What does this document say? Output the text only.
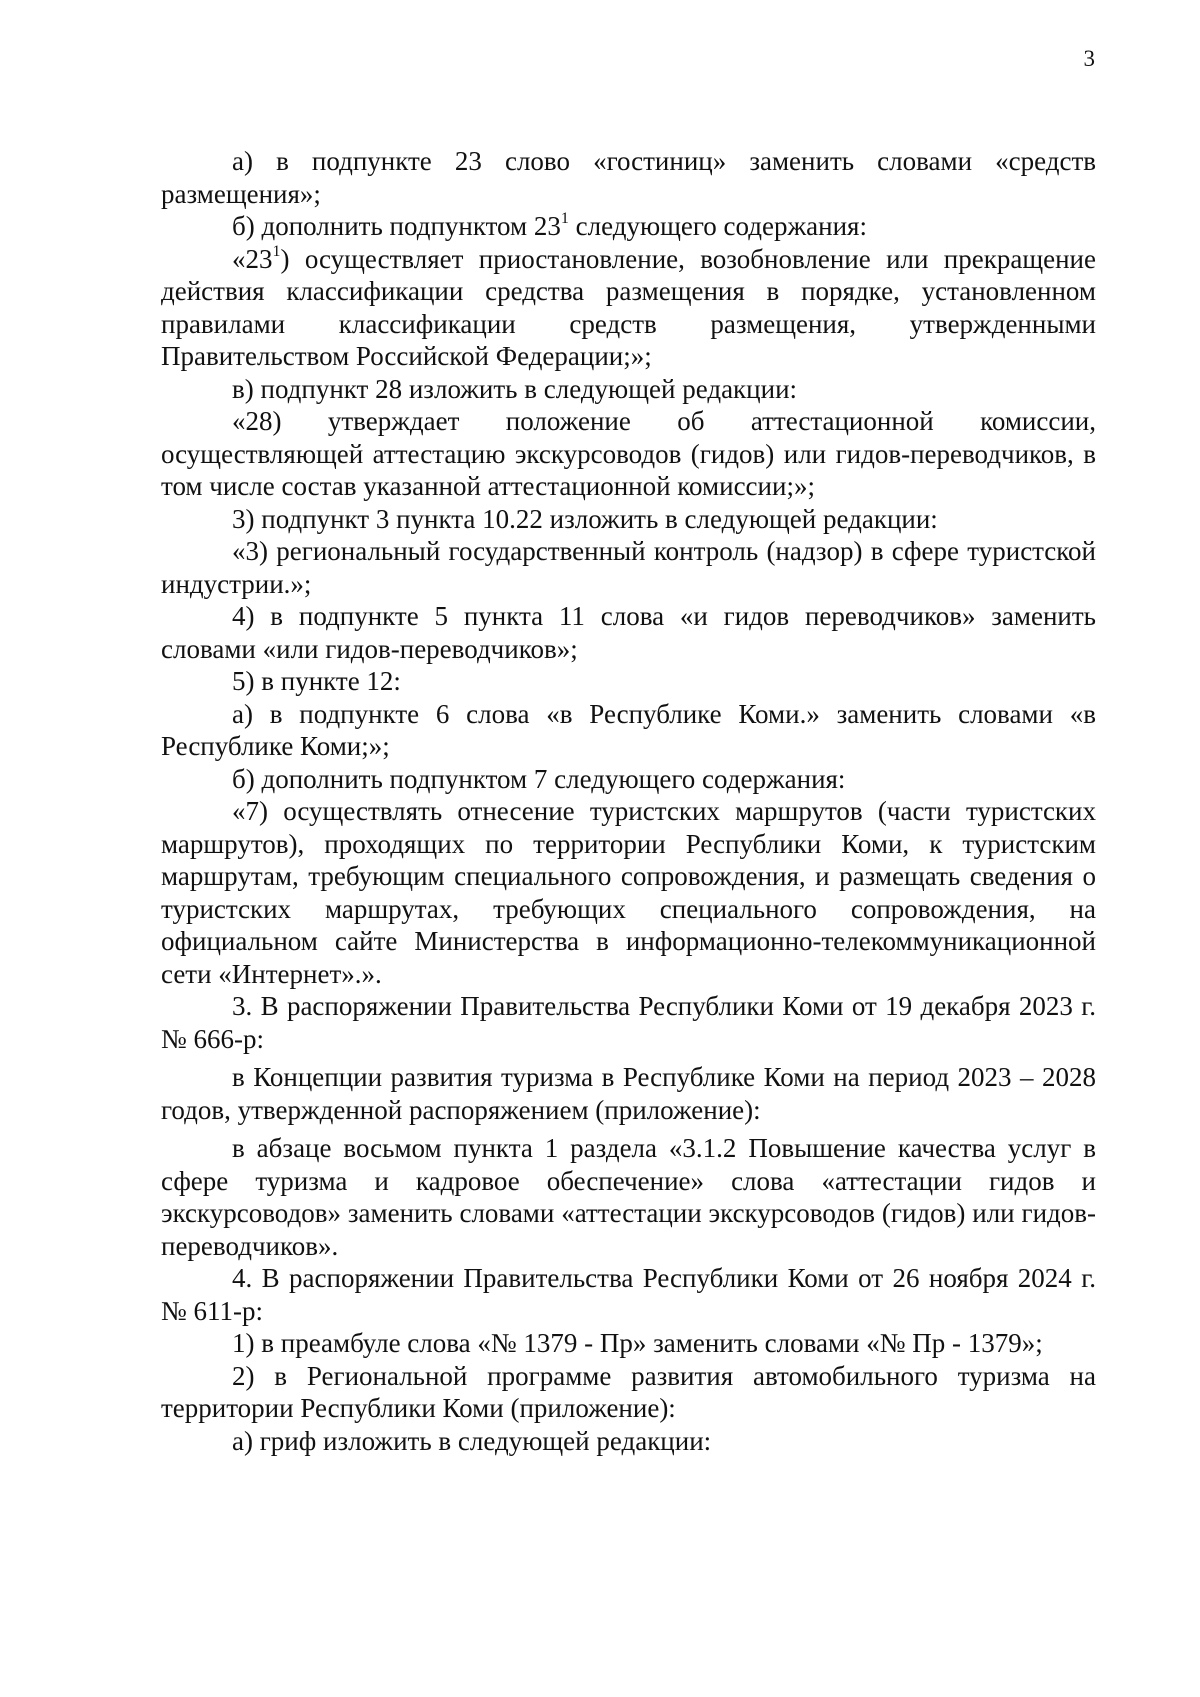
3

а) в подпункте 23 слово «гостиниц» заменить словами «средств размещения»;

б) дополнить подпунктом $23^1$ следующего содержания:

«$23^1$) осуществляет приостановление, возобновление или прекращение действия классификации средства размещения в порядке, установленном правилами классификации средств размещения, утвержденными Правительством Российской Федерации;»;

в) подпункт 28 изложить в следующей редакции:

«28) утверждает положение об аттестационной комиссии, осуществляющей аттестацию экскурсоводов (гидов) или гидов-переводчиков, в том числе состав указанной аттестационной комиссии;»;

3) подпункт 3 пункта 10.22 изложить в следующей редакции:

«3) региональный государственный контроль (надзор) в сфере туристской индустрии.»;

4) в подпункте 5 пункта 11 слова «и гидов переводчиков» заменить словами «или гидов-переводчиков»;

5) в пункте 12:

а) в подпункте 6 слова «в Республике Коми.» заменить словами «в Республике Коми;»;

б) дополнить подпунктом 7 следующего содержания:

«7) осуществлять отнесение туристских маршрутов (части туристских маршрутов), проходящих по территории Республики Коми, к туристским маршрутам, требующим специального сопровождения, и размещать сведения о туристских маршрутах, требующих специального сопровождения, на официальном сайте Министерства в информационно-телекоммуникационной сети «Интернет».».

3. В распоряжении Правительства Республики Коми от 19 декабря 2023 г. № 666-р:

в Концепции развития туризма в Республике Коми на период 2023 – 2028 годов, утвержденной распоряжением (приложение):

в абзаце восьмом пункта 1 раздела «3.1.2 Повышение качества услуг в сфере туризма и кадровое обеспечение» слова «аттестации гидов и экскурсоводов» заменить словами «аттестации экскурсоводов (гидов) или гидов-переводчиков».

4. В распоряжении Правительства Республики Коми от 26 ноября 2024 г. № 611-р:

1) в преамбуле слова «№ 1379 - Пр» заменить словами «№ Пр - 1379»;

2) в Региональной программе развития автомобильного туризма на территории Республики Коми (приложение):

а) гриф изложить в следующей редакции:
